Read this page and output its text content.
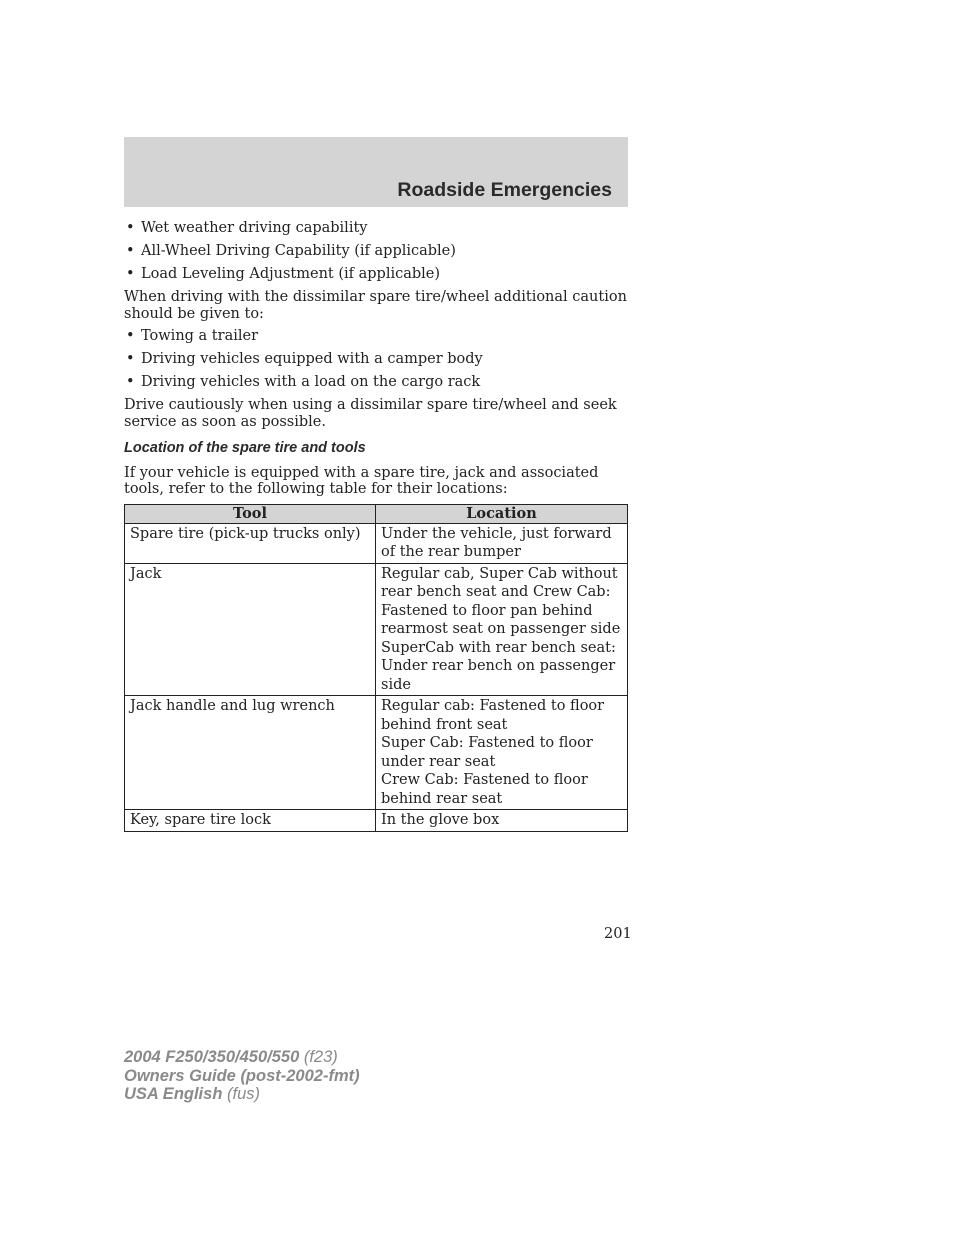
Roadside Emergencies
• Wet weather driving capability
• All-Wheel Driving Capability (if applicable)
• Load Leveling Adjustment (if applicable)

When driving with the dissimilar spare tire/wheel additional caution should be given to:

• Towing a trailer
• Driving vehicles equipped with a camper body
• Driving vehicles with a load on the cargo rack

Drive cautiously when using a dissimilar spare tire/wheel and seek service as soon as possible.

Location of the spare tire and tools

If your vehicle is equipped with a spare tire, jack and associated tools, refer to the following table for their locations:

Tool	Location
Spare tire (pick-up trucks only)	Under the vehicle, just forward of the rear bumper

Jack	Regular cab, Super Cab without rear bench seat and Crew Cab: Fastened to floor pan behind rearmost seat on passenger side
SuperCab with rear bench seat: Under rear bench on passenger side

Jack handle and lug wrench	Regular cab: Fastened to floor behind front seat
Super Cab: Fastened to floor under rear seat
Crew Cab: Fastened to floor behind rear seat

Key, spare tire lock	In the glove box
201
2004 F250/350/450/550 (f23)
Owners Guide (post-2002-fmt)
USA English (fus)
